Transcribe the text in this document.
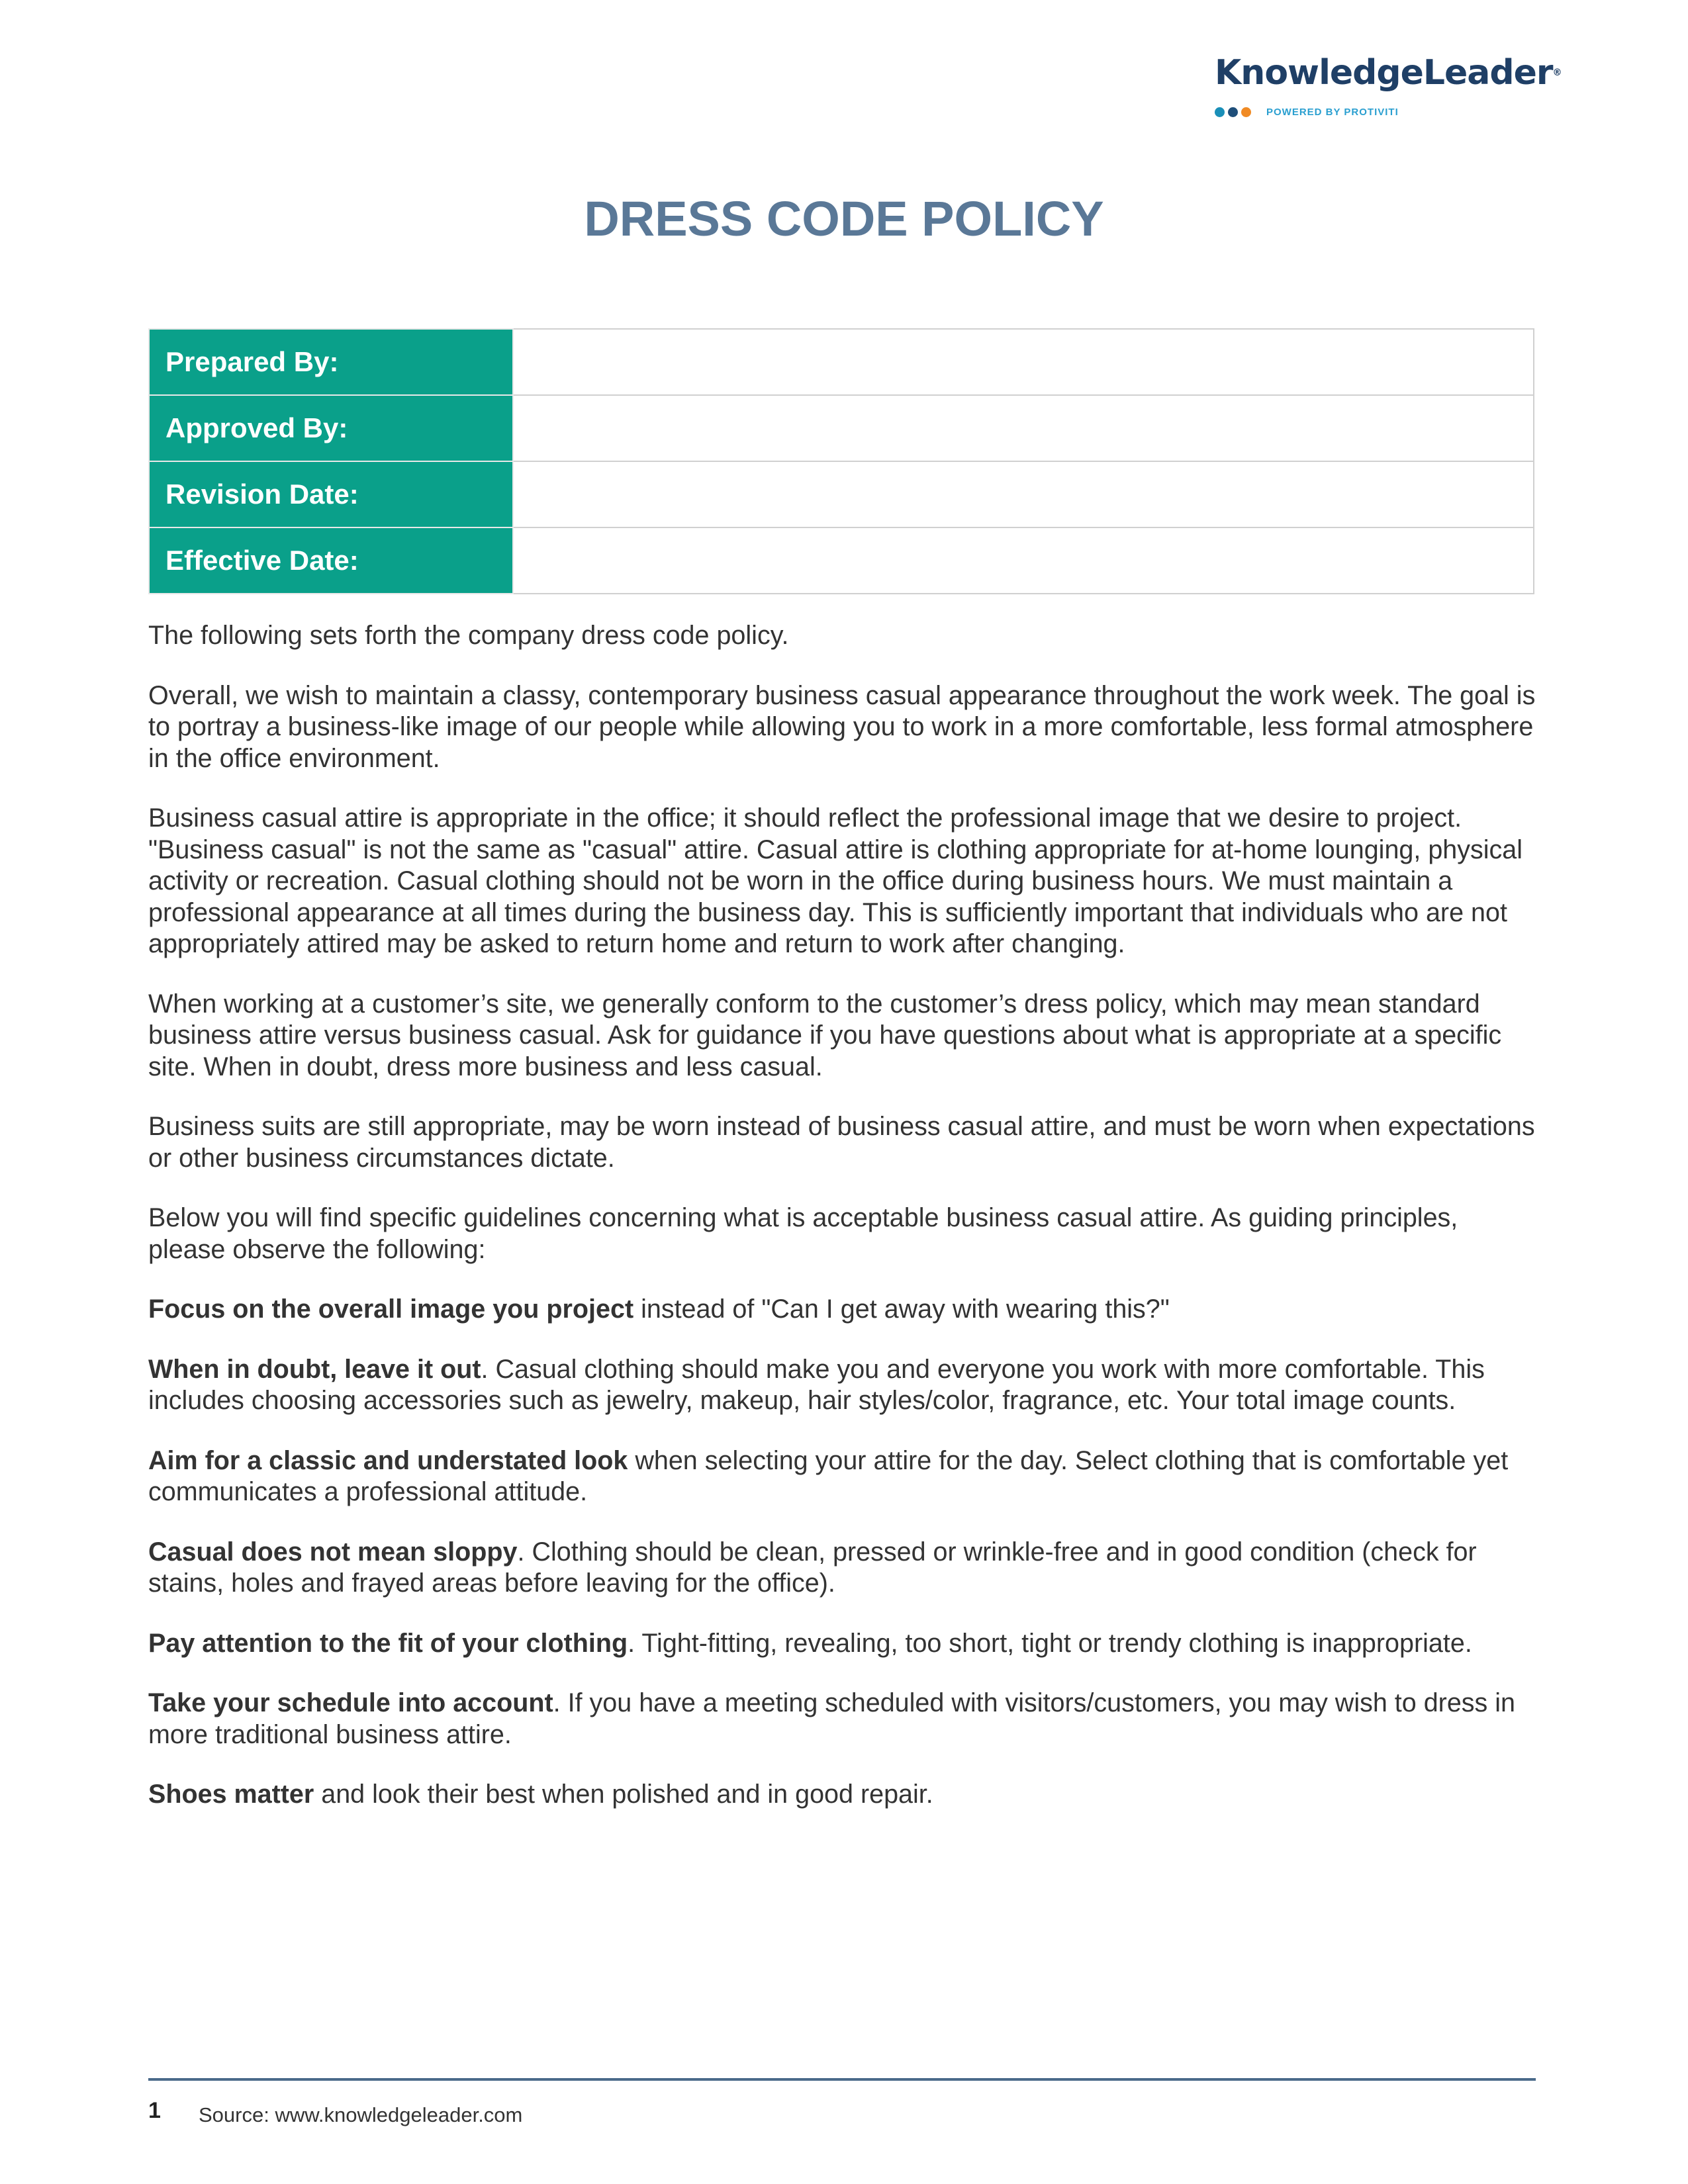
KnowledgeLeader®
POWERED BY PROTIVITI
DRESS CODE POLICY
Prepared By:	
Approved By:	
Revision Date:	
Effective Date:	

The following sets forth the company dress code policy.

Overall, we wish to maintain a classy, contemporary business casual appearance throughout the work week. The goal is to portray a business-like image of our people while allowing you to work in a more comfortable, less formal atmosphere in the office environment.

Business casual attire is appropriate in the office; it should reflect the professional image that we desire to project. "Business casual" is not the same as "casual" attire. Casual attire is clothing appropriate for at-home lounging, physical activity or recreation. Casual clothing should not be worn in the office during business hours. We must maintain a professional appearance at all times during the business day. This is sufficiently important that individuals who are not appropriately attired may be asked to return home and return to work after changing.

When working at a customer’s site, we generally conform to the customer’s dress policy, which may mean standard business attire versus business casual. Ask for guidance if you have questions about what is appropriate at a specific site. When in doubt, dress more business and less casual.

Business suits are still appropriate, may be worn instead of business casual attire, and must be worn when expectations or other business circumstances dictate.

Below you will find specific guidelines concerning what is acceptable business casual attire. As guiding principles, please observe the following:

Focus on the overall image you project instead of "Can I get away with wearing this?"

When in doubt, leave it out. Casual clothing should make you and everyone you work with more comfortable. This includes choosing accessories such as jewelry, makeup, hair styles/color, fragrance, etc. Your total image counts.

Aim for a classic and understated look when selecting your attire for the day. Select clothing that is comfortable yet communicates a professional attitude.

Casual does not mean sloppy. Clothing should be clean, pressed or wrinkle-free and in good condition (check for stains, holes and frayed areas before leaving for the office).

Pay attention to the fit of your clothing. Tight-fitting, revealing, too short, tight or trendy clothing is inappropriate.

Take your schedule into account. If you have a meeting scheduled with visitors/customers, you may wish to dress in more traditional business attire.

Shoes matter and look their best when polished and in good repair.

1 Source: www.knowledgeleader.com
